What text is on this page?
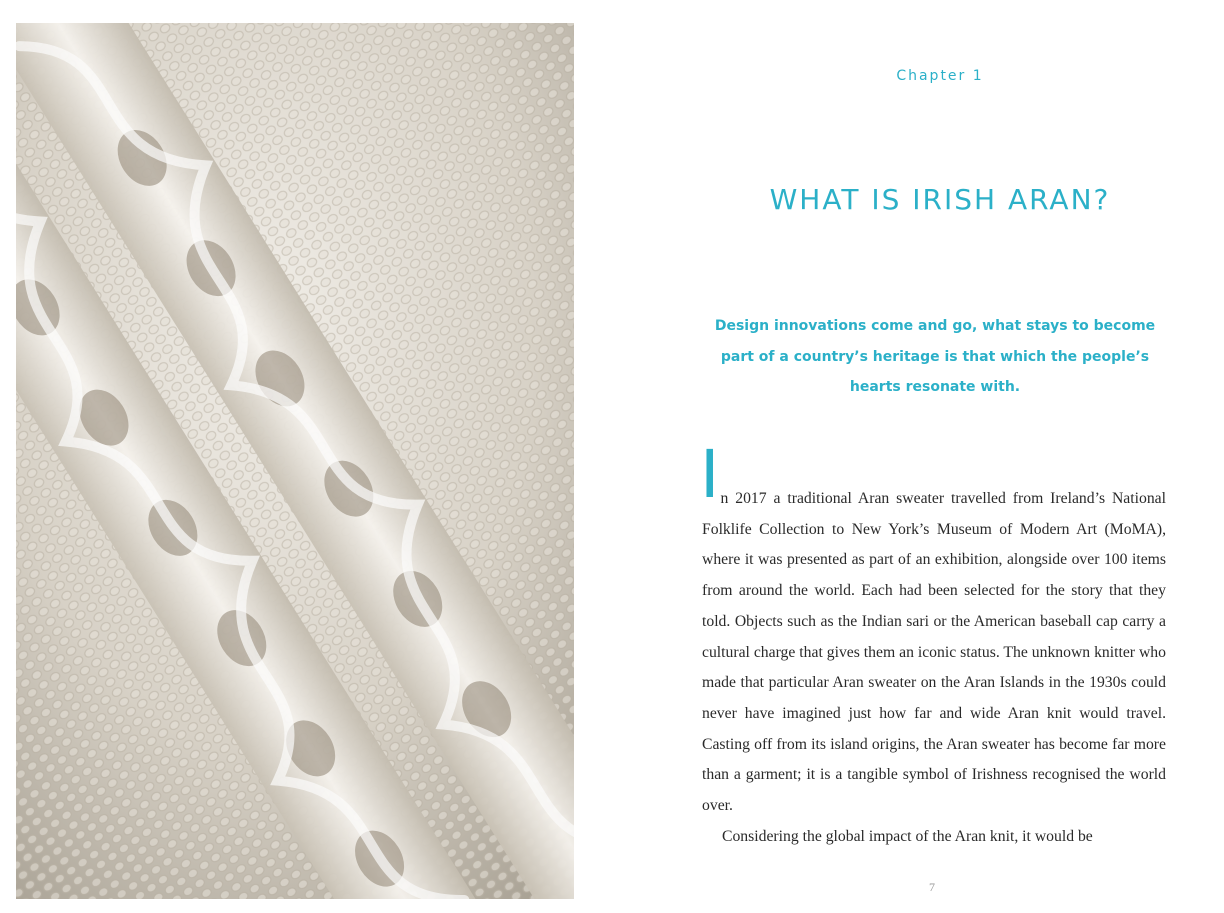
Chapter 1
WHAT IS IRISH ARAN?
Design innovations come and go, what stays to become part of a country’s heritage is that which the people’s hearts resonate with.

In 2017 a traditional Aran sweater travelled from Ireland’s National Folklife Collection to New York’s Museum of Modern Art (MoMA), where it was presented as part of an exhibition, alongside over 100 items from around the world. Each had been selected for the story that they told. Objects such as the Indian sari or the American baseball cap carry a cultural charge that gives them an iconic status. The unknown knitter who made that particular Aran sweater on the Aran Islands in the 1930s could never have imagined just how far and wide Aran knit would travel. Casting off from its island origins, the Aran sweater has become far more than a garment; it is a tangible symbol of Irishness recognised the world over.

Considering the global impact of the Aran knit, it would be

7
